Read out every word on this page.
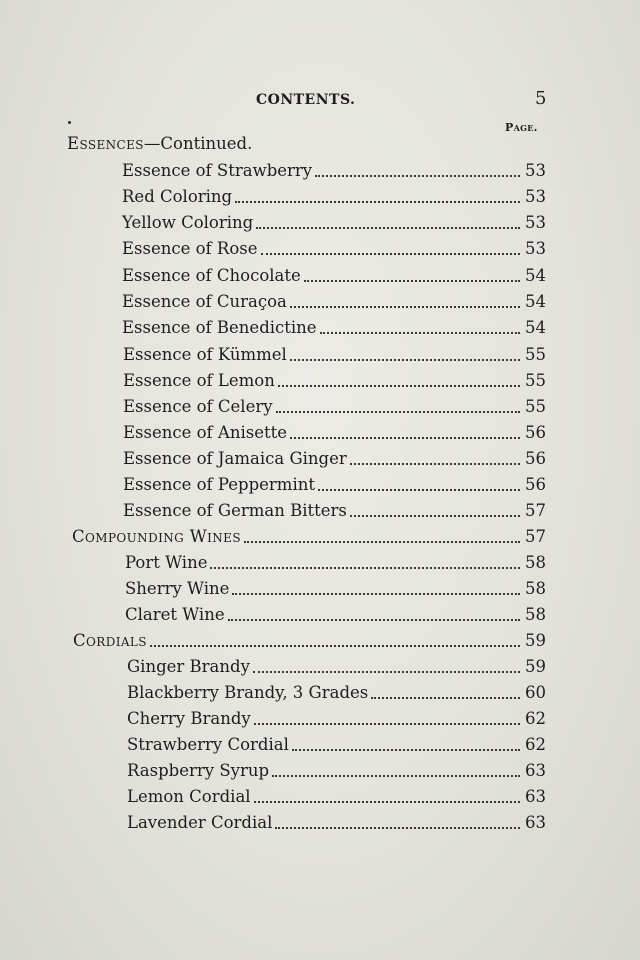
CONTENTS.	5
Page.
Essences—Continued.
Essence of Strawberry	53
Red Coloring	53
Yellow Coloring	53
Essence of Rose	53
Essence of Chocolate	54
Essence of Curaçoa	54
Essence of Benedictine	54
Essence of Kümmel	55
Essence of Lemon	55
Essence of Celery	55
Essence of Anisette	56
Essence of Jamaica Ginger	56
Essence of Peppermint	56
Essence of German Bitters	57
Compounding Wines	57
Port Wine	58
Sherry Wine	58
Claret Wine	58
Cordials	59
Ginger Brandy	59
Blackberry Brandy, 3 Grades	60
Cherry Brandy	62
Strawberry Cordial	62
Raspberry Syrup	63
Lemon Cordial	63
Lavender Cordial	63
